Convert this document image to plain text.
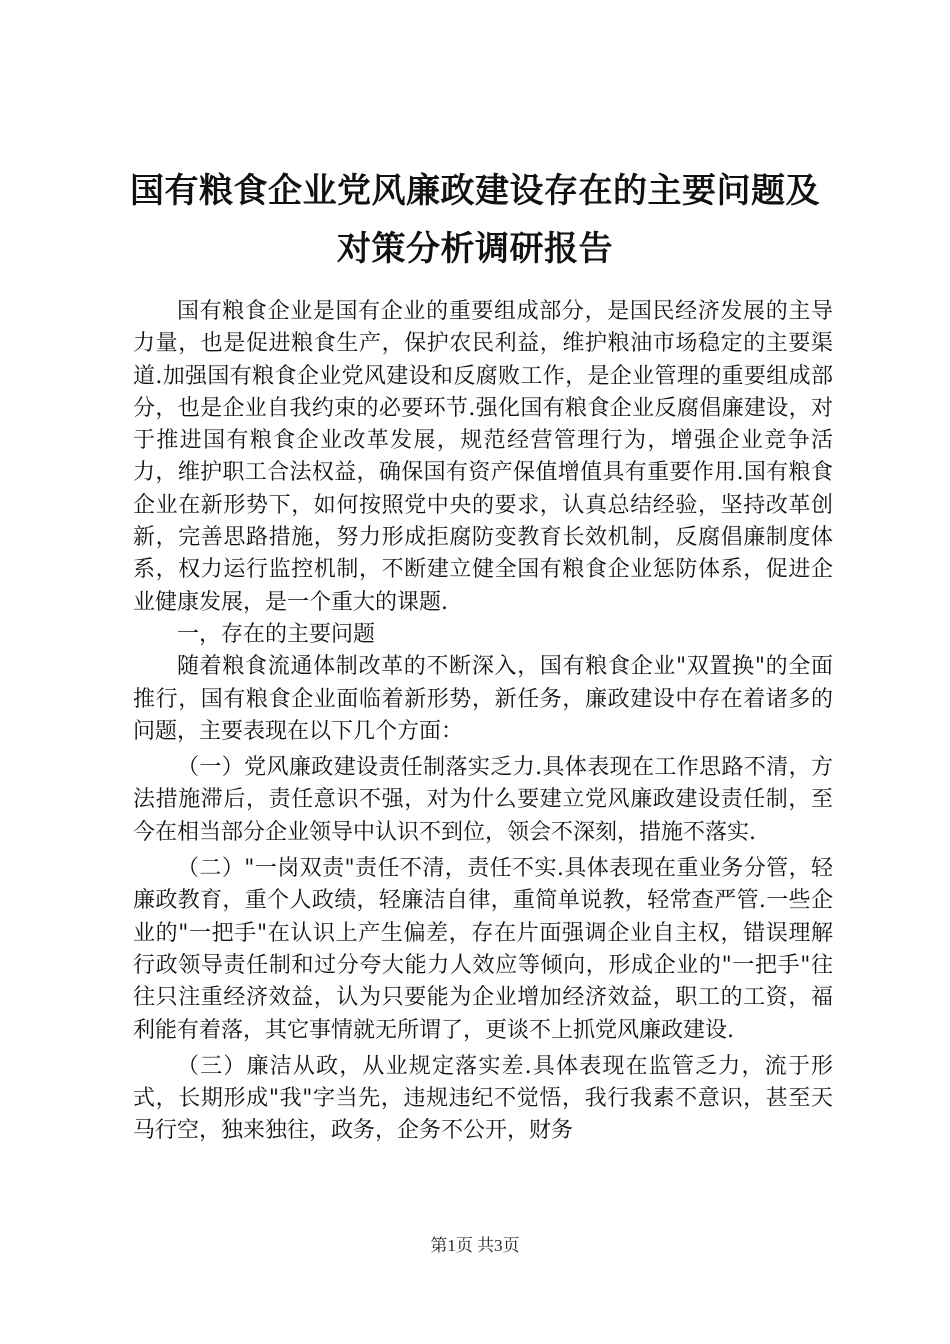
国有粮食企业党风廉政建设存在的主要问题及
对策分析调研报告

国有粮食企业是国有企业的重要组成部分，是国民经济发展的主导力量，也是促进粮食生产，保护农民利益，维护粮油市场稳定的主要渠道.加强国有粮食企业党风建设和反腐败工作，是企业管理的重要组成部分，也是企业自我约束的必要环节.强化国有粮食企业反腐倡廉建设，对于推进国有粮食企业改革发展，规范经营管理行为，增强企业竞争活力，维护职工合法权益，确保国有资产保值增值具有重要作用.国有粮食企业在新形势下，如何按照党中央的要求，认真总结经验，坚持改革创新，完善思路措施，努力形成拒腐防变教育长效机制，反腐倡廉制度体系，权力运行监控机制，不断建立健全国有粮食企业惩防体系，促进企业健康发展，是一个重大的课题.

一，存在的主要问题

随着粮食流通体制改革的不断深入，国有粮食企业"双置换"的全面推行，国有粮食企业面临着新形势，新任务，廉政建设中存在着诸多的问题，主要表现在以下几个方面：

（一）党风廉政建设责任制落实乏力.具体表现在工作思路不清，方法措施滞后，责任意识不强，对为什么要建立党风廉政建设责任制，至今在相当部分企业领导中认识不到位，领会不深刻，措施不落实.

（二）"一岗双责"责任不清，责任不实.具体表现在重业务分管，轻廉政教育，重个人政绩，轻廉洁自律，重简单说教，轻常查严管.一些企业的"一把手"在认识上产生偏差，存在片面强调企业自主权，错误理解行政领导责任制和过分夸大能力人效应等倾向，形成企业的"一把手"往往只注重经济效益，认为只要能为企业增加经济效益，职工的工资，福利能有着落，其它事情就无所谓了，更谈不上抓党风廉政建设.

（三）廉洁从政，从业规定落实差.具体表现在监管乏力，流于形式，长期形成"我"字当先，违规违纪不觉悟，我行我素不意识，甚至天马行空，独来独往，政务，企务不公开，财务

第1页 共3页
